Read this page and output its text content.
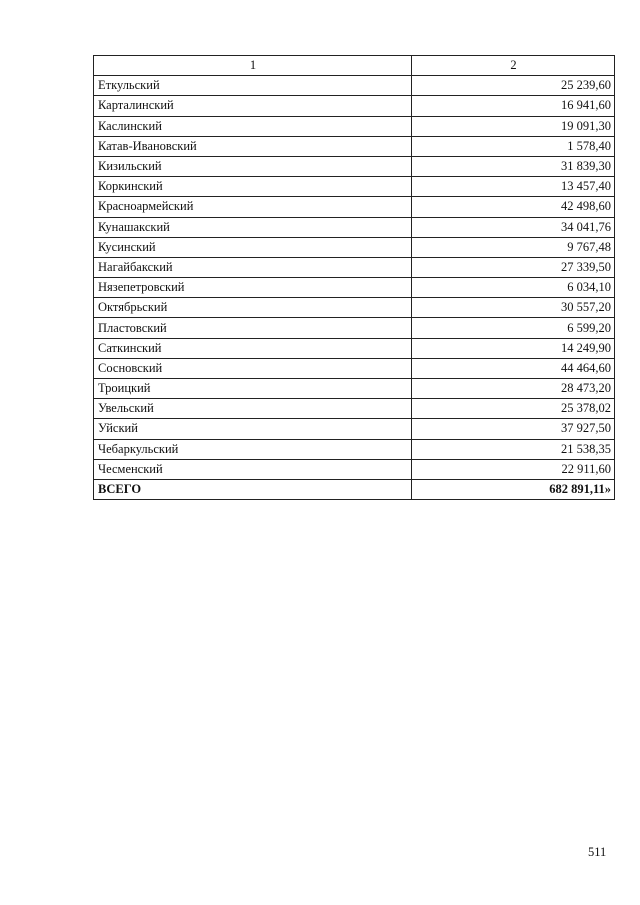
1	2
Еткульский	25 239,60
Карталинский	16 941,60
Каслинский	19 091,30
Катав-Ивановский	1 578,40
Кизильский	31 839,30
Коркинский	13 457,40
Красноармейский	42 498,60
Кунашакский	34 041,76
Кусинский	9 767,48
Нагайбакский	27 339,50
Нязепетровский	6 034,10
Октябрьский	30 557,20
Пластовский	6 599,20
Саткинский	14 249,90
Сосновский	44 464,60
Троицкий	28 473,20
Увельский	25 378,02
Уйский	37 927,50
Чебаркульский	21 538,35
Чесменский	22 911,60
ВСЕГО	682 891,11»
511
